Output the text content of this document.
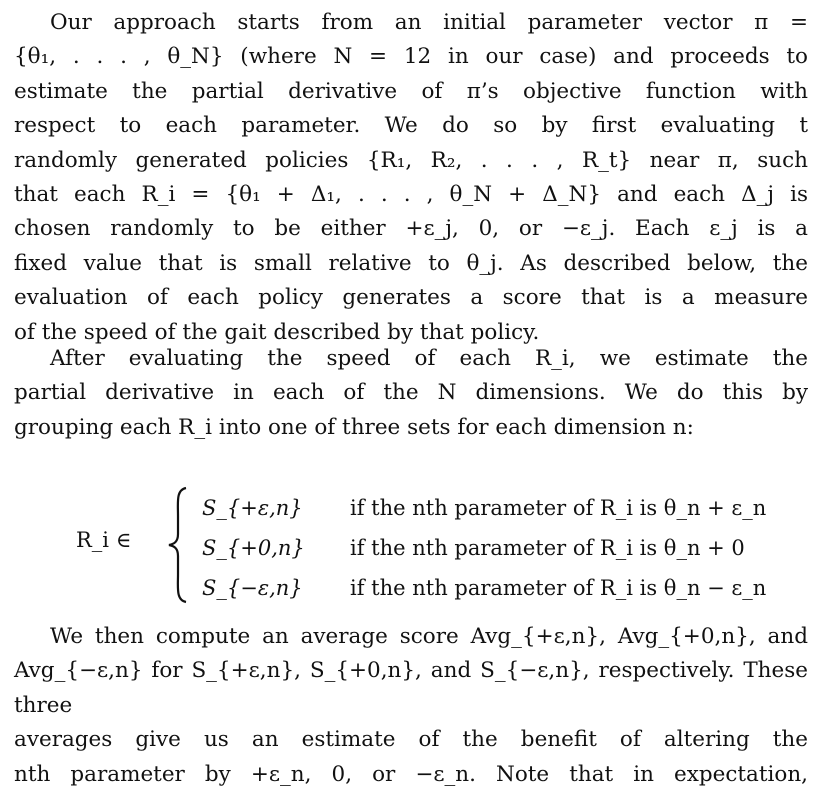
Our approach starts from an initial parameter vector π =
{θ₁, . . . , θ_N} (where N = 12 in our case) and proceeds to
estimate the partial derivative of π’s objective function with
respect to each parameter. We do so by first evaluating t
randomly generated policies {R₁, R₂, . . . , R_t} near π, such
that each R_i = {θ₁ + Δ₁, . . . , θ_N + Δ_N} and each Δ_j is
chosen randomly to be either +ε_j, 0, or −ε_j. Each ε_j is a
fixed value that is small relative to θ_j. As described below, the
evaluation of each policy generates a score that is a measure
of the speed of the gait described by that policy.

After evaluating the speed of each R_i, we estimate the
partial derivative in each of the N dimensions. We do this by
grouping each R_i into one of three sets for each dimension n:

We then compute an average score Avg_{+ε,n}, Avg_{+0,n}, and
Avg_{−ε,n} for S_{+ε,n}, S_{+0,n}, and S_{−ε,n}, respectively. These three
averages give us an estimate of the benefit of altering the
nth parameter by +ε_n, 0, or −ε_n. Note that in expectation,

R_i ∈
S_{+ε,n} if the nth parameter of R_i is θ_n + ε_n
S_{+0,n} if the nth parameter of R_i is θ_n + 0
S_{−ε,n} if the nth parameter of R_i is θ_n − ε_n
